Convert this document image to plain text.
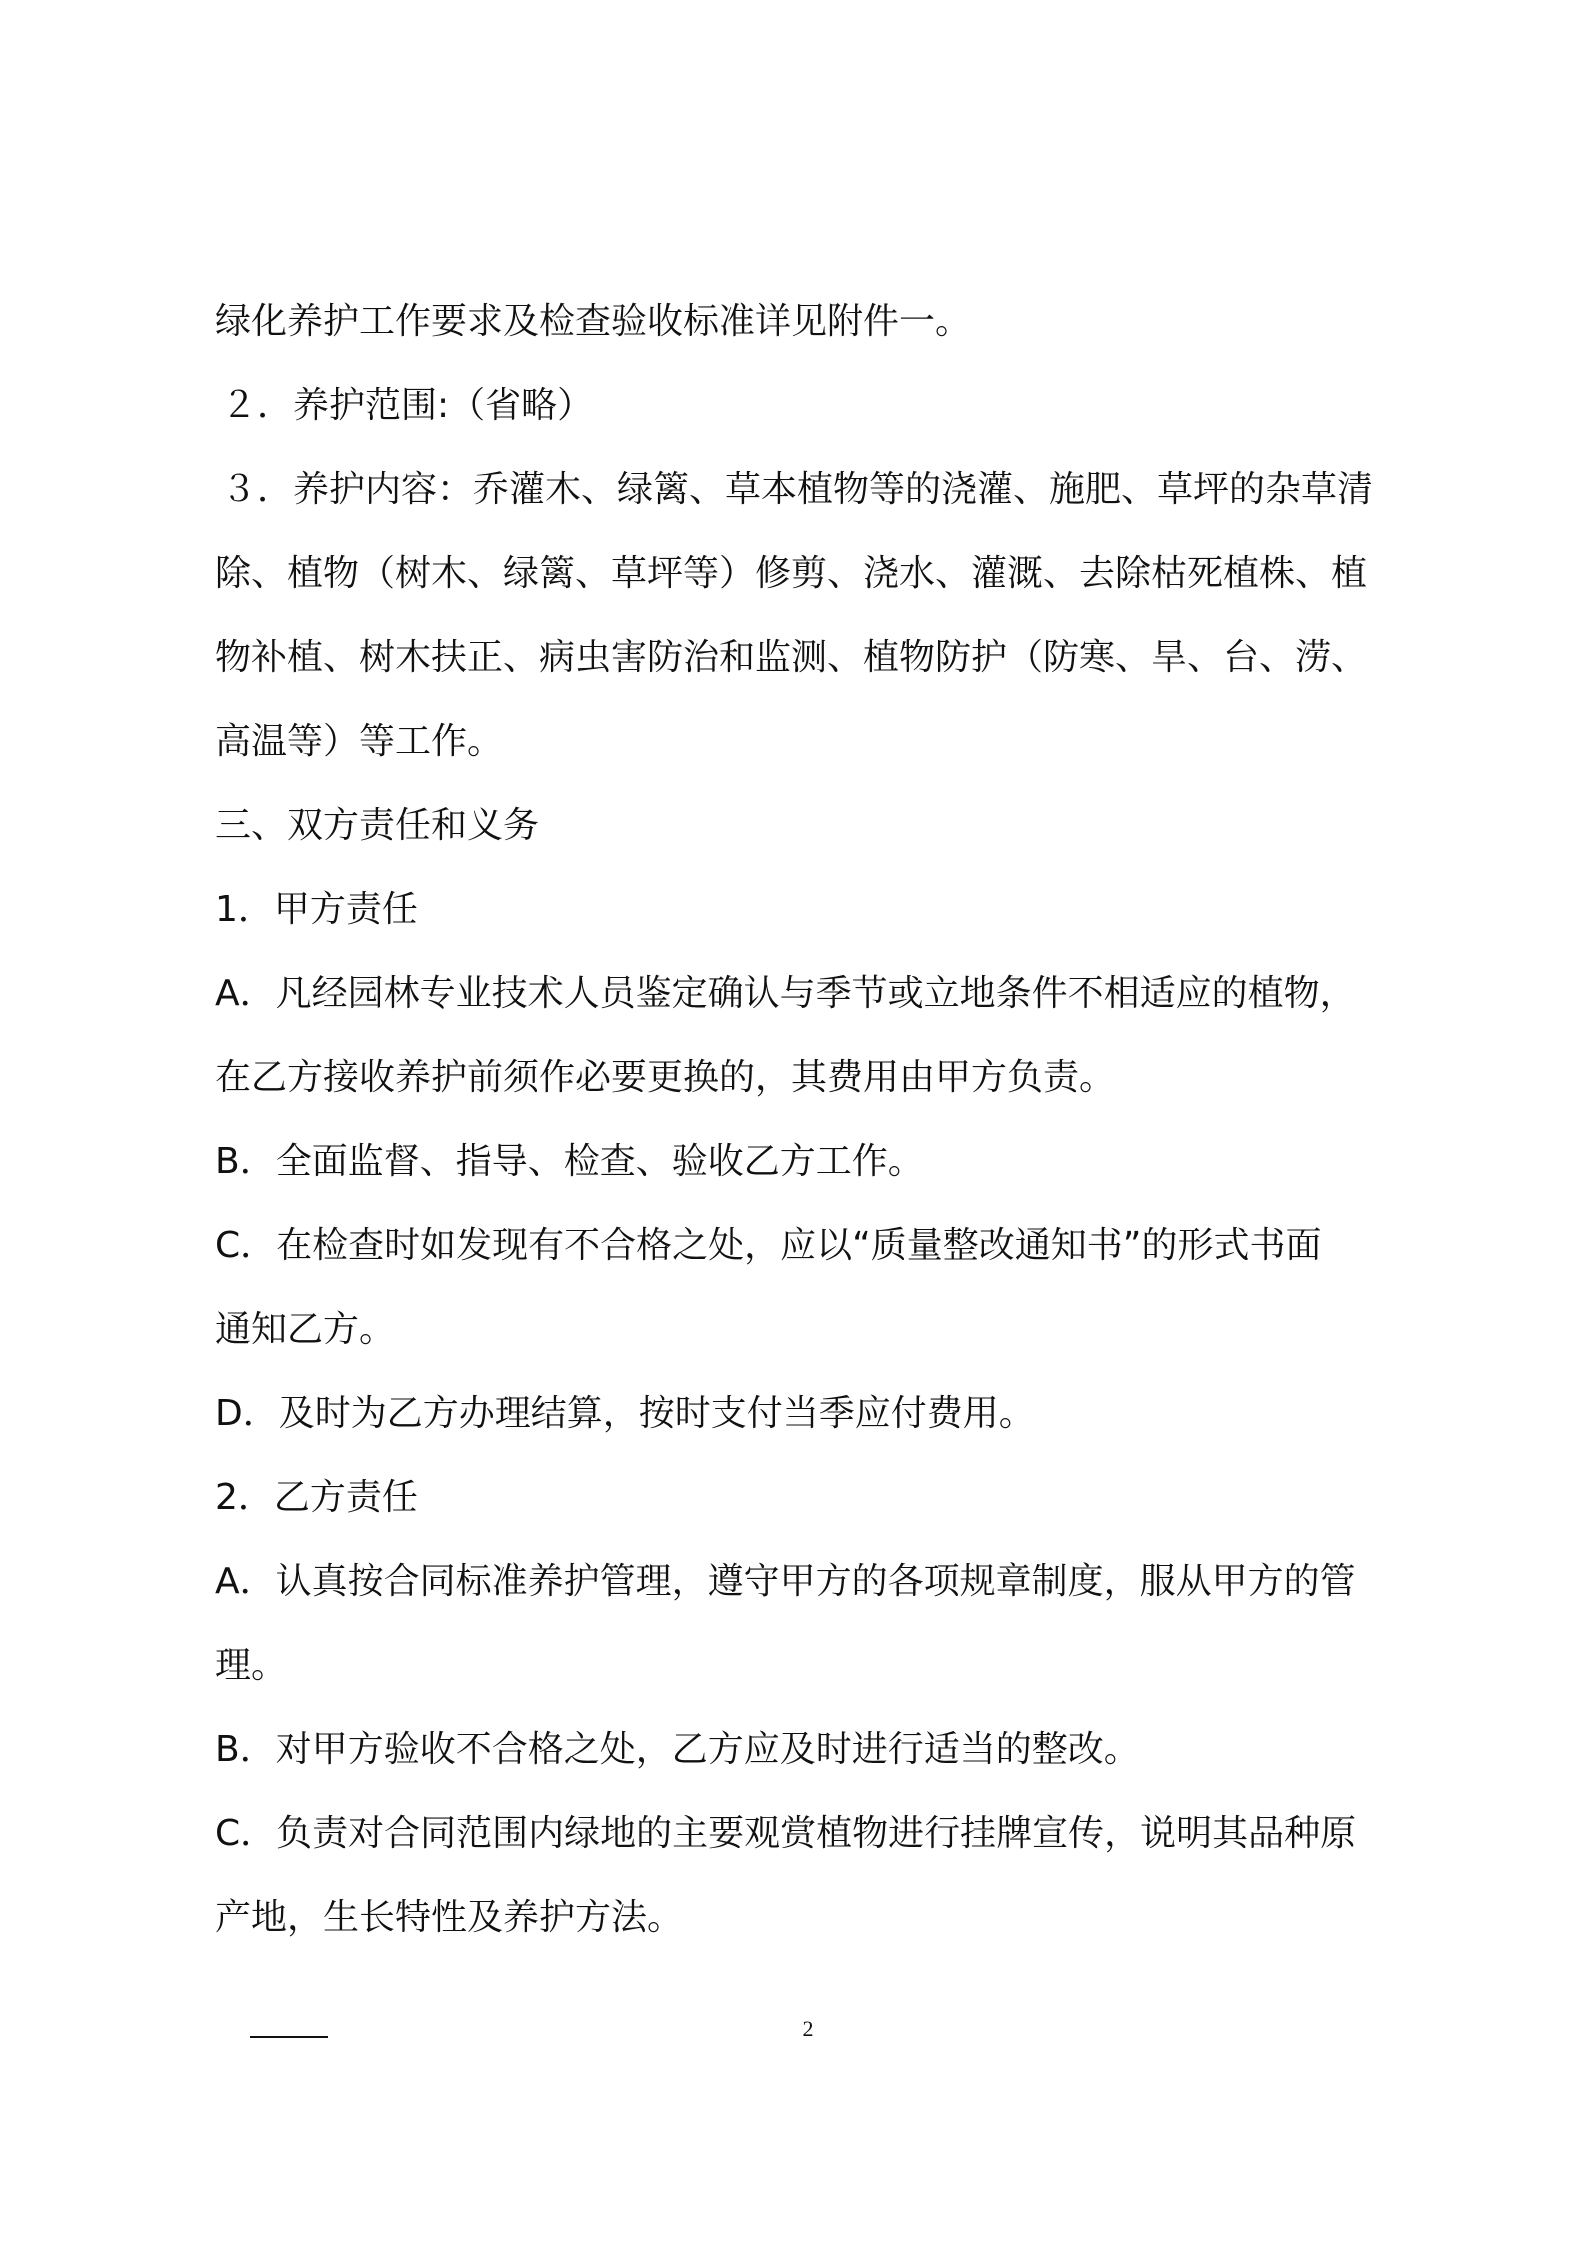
绿化养护工作要求及检查验收标准详见附件一。

２．养护范围:（省略）

３．养护内容：乔灌木、绿篱、草本植物等的浇灌、施肥、草坪的杂草清

除、植物（树木、绿篱、草坪等）修剪、浇水、灌溉、去除枯死植株、植

物补植、树木扶正、病虫害防治和监测、植物防护（防寒、旱、台、涝、

高温等）等工作。

三、双方责任和义务

1．甲方责任

A．凡经园林专业技术人员鉴定确认与季节或立地条件不相适应的植物，

在乙方接收养护前须作必要更换的，其费用由甲方负责。

B．全面监督、指导、检查、验收乙方工作。

C．在检查时如发现有不合格之处，应以“质量整改通知书”的形式书面

通知乙方。

D．及时为乙方办理结算，按时支付当季应付费用。

2．乙方责任

A．认真按合同标准养护管理，遵守甲方的各项规章制度，服从甲方的管

理。

B．对甲方验收不合格之处，乙方应及时进行适当的整改。

C．负责对合同范围内绿地的主要观赏植物进行挂牌宣传，说明其品种原

产地，生长特性及养护方法。

2
